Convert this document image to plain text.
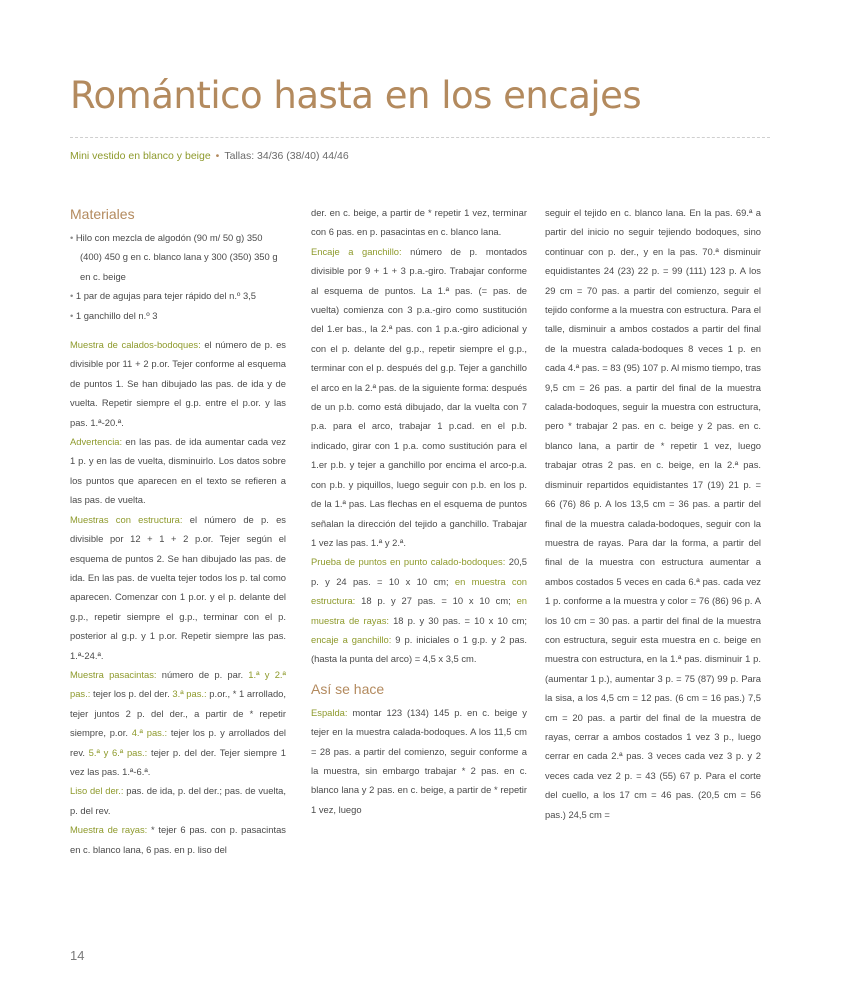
Romántico hasta en los encajes
Mini vestido en blanco y beige • Tallas: 34/36 (38/40) 44/46
Materiales
• Hilo con mezcla de algodón (90 m/ 50 g) 350 (400) 450 g en c. blanco lana y 300 (350) 350 g en c. beige
• 1 par de agujas para tejer rápido del n.º 3,5
• 1 ganchillo del n.º 3

Muestra de calados-bodoques: el número de p. es divisible por 11 + 2 p.or. Tejer conforme al esquema de puntos 1. Se han dibujado las pas. de ida y de vuelta. Repetir siempre el g.p. entre el p.or. y las pas. 1.ª-20.ª.

Advertencia: en las pas. de ida aumentar cada vez 1 p. y en las de vuelta, disminuirlo. Los datos sobre los puntos que aparecen en el texto se refieren a las pas. de vuelta.

Muestras con estructura: el número de p. es divisible por 12 + 1 + 2 p.or. Tejer según el esquema de puntos 2. Se han dibujado las pas. de ida. En las pas. de vuelta tejer todos los p. tal como aparecen. Comenzar con 1 p.or. y el p. delante del g.p., repetir siempre el g.p., terminar con el p. posterior al g.p. y 1 p.or. Repetir siempre las pas. 1.ª-24.ª.

Muestra pasacintas: número de p. par. 1.ª y 2.ª pas.: tejer los p. del der. 3.ª pas.: p.or., * 1 arrollado, tejer juntos 2 p. del der., a partir de * repetir siempre, p.or. 4.ª pas.: tejer los p. y arrollados del rev. 5.ª y 6.ª pas.: tejer p. del der. Tejer siempre 1 vez las pas. 1.ª-6.ª.

Liso del der.: pas. de ida, p. del der.; pas. de vuelta, p. del rev.

Muestra de rayas: * tejer 6 pas. con p. pasacintas en c. blanco lana, 6 pas. en p. liso del

der. en c. beige, a partir de * repetir 1 vez, terminar con 6 pas. en p. pasacintas en c. blanco lana.

Encaje a ganchillo: número de p. montados divisible por 9 + 1 + 3 p.a.-giro. Trabajar conforme al esquema de puntos. La 1.ª pas. (= pas. de vuelta) comienza con 3 p.a.-giro como sustitución del 1.er bas., la 2.ª pas. con 1 p.a.-giro adicional y con el p. delante del g.p., repetir siempre el g.p., terminar con el p. después del g.p. Tejer a ganchillo el arco en la 2.ª pas. de la siguiente forma: después de un p.b. como está dibujado, dar la vuelta con 7 p.a. para el arco, trabajar 1 p.cad. en el p.b. indicado, girar con 1 p.a. como sustitución para el 1.er p.b. y tejer a ganchillo por encima el arco-p.a. con p.b. y piquillos, luego seguir con p.b. en los p. de la 1.ª pas. Las flechas en el esquema de puntos señalan la dirección del tejido a ganchillo. Trabajar 1 vez las pas. 1.ª y 2.ª.

Prueba de puntos en punto calado-bodoques: 20,5 p. y 24 pas. = 10 x 10 cm; en muestra con estructura: 18 p. y 27 pas. = 10 x 10 cm; en muestra de rayas: 18 p. y 30 pas. = 10 x 10 cm; encaje a ganchillo: 9 p. iniciales o 1 g.p. y 2 pas. (hasta la punta del arco) = 4,5 x 3,5 cm.

Así se hace

Espalda: montar 123 (134) 145 p. en c. beige y tejer en la muestra calada-bodoques. A los 11,5 cm = 28 pas. a partir del comienzo, seguir conforme a la muestra, sin embargo trabajar * 2 pas. en c. blanco lana y 2 pas. en c. beige, a partir de * repetir 1 vez, luego

seguir el tejido en c. blanco lana. En la pas. 69.ª a partir del inicio no seguir tejiendo bodoques, sino continuar con p. der., y en la pas. 70.ª disminuir equidistantes 24 (23) 22 p. = 99 (111) 123 p. A los 29 cm = 70 pas. a partir del comienzo, seguir el tejido conforme a la muestra con estructura. Para el talle, disminuir a ambos costados a partir del final de la muestra calada-bodoques 8 veces 1 p. en cada 4.ª pas. = 83 (95) 107 p. Al mismo tiempo, tras 9,5 cm = 26 pas. a partir del final de la muestra calada-bodoques, seguir la muestra con estructura, pero * trabajar 2 pas. en c. beige y 2 pas. en c. blanco lana, a partir de * repetir 1 vez, luego trabajar otras 2 pas. en c. beige, en la 2.ª pas. disminuir repartidos equidistantes 17 (19) 21 p. = 66 (76) 86 p. A los 13,5 cm = 36 pas. a partir del final de la muestra calada-bodoques, seguir con la muestra de rayas. Para dar la forma, a partir del final de la muestra con estructura aumentar a ambos costados 5 veces en cada 6.ª pas. cada vez 1 p. conforme a la muestra y color = 76 (86) 96 p. A los 10 cm = 30 pas. a partir del final de la muestra con estructura, seguir esta muestra en c. beige en muestra con estructura, en la 1.ª pas. disminuir 1 p. (aumentar 1 p.), aumentar 3 p. = 75 (87) 99 p. Para la sisa, a los 4,5 cm = 12 pas. (6 cm = 16 pas.) 7,5 cm = 20 pas. a partir del final de la muestra de rayas, cerrar a ambos costados 1 vez 3 p., luego cerrar en cada 2.ª pas. 3 veces cada vez 3 p. y 2 veces cada vez 2 p. = 43 (55) 67 p. Para el corte del cuello, a los 17 cm = 46 pas. (20,5 cm = 56 pas.) 24,5 cm =

14
